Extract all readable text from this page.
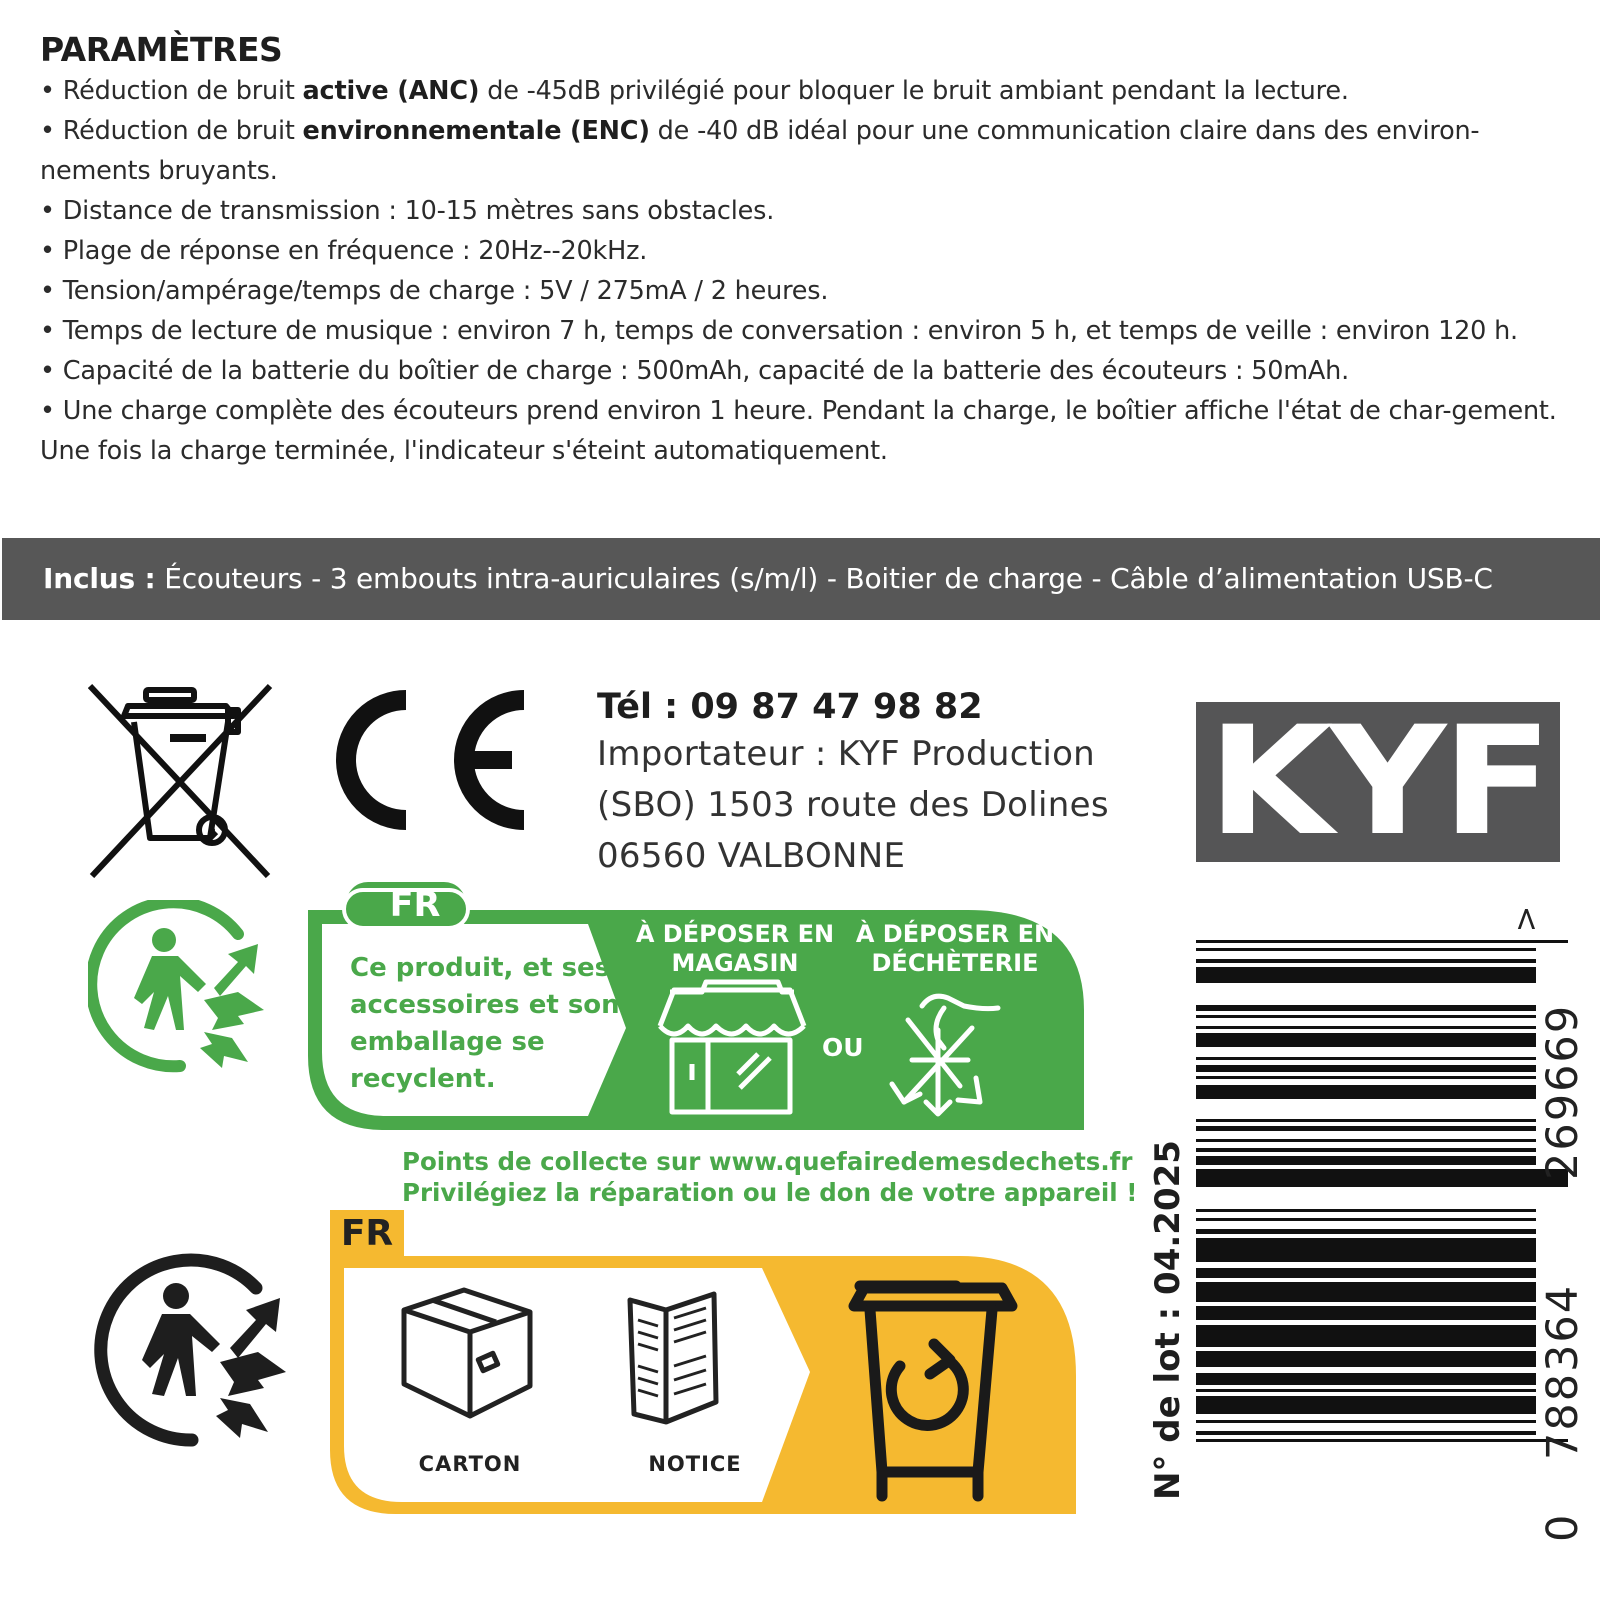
PARAMÈTRES
• Réduction de bruit active (ANC) de -45dB privilégié pour bloquer le bruit ambiant pendant la lecture.
• Réduction de bruit environnementale (ENC) de -40 dB idéal pour une communication claire dans des environ-nements bruyants.
• Distance de transmission : 10-15 mètres sans obstacles.
• Plage de réponse en fréquence : 20Hz--20kHz.
• Tension/ampérage/temps de charge : 5V / 275mA / 2 heures.
• Temps de lecture de musique : environ 7 h, temps de conversation : environ 5 h, et temps de veille : environ 120 h.
• Capacité de la batterie du boîtier de charge : 500mAh, capacité de la batterie des écouteurs : 50mAh.
• Une charge complète des écouteurs prend environ 1 heure. Pendant la charge, le boîtier affiche l'état de char-gement. Une fois la charge terminée, l'indicateur s'éteint automatiquement.
Inclus : Écouteurs - 3 embouts intra-auriculaires (s/m/l) - Boitier de charge - Câble d’alimentation USB-C
Tél : 09 87 47 98 82
Importateur : KYF Production
(SBO) 1503 route des Dolines
06560 VALBONNE	KYF
FR
Ce produit, et ses accessoires et son emballage se recyclent.
À DÉPOSER EN MAGASIN
OU
À DÉPOSER EN DÉCHÈTERIE
Points de collecte sur www.quefairedemesdechets.fr
Privilégiez la réparation ou le don de votre appareil !
FR
CARTON	NOTICE	N° de lot : 04.2025
>
269669
788364
0
